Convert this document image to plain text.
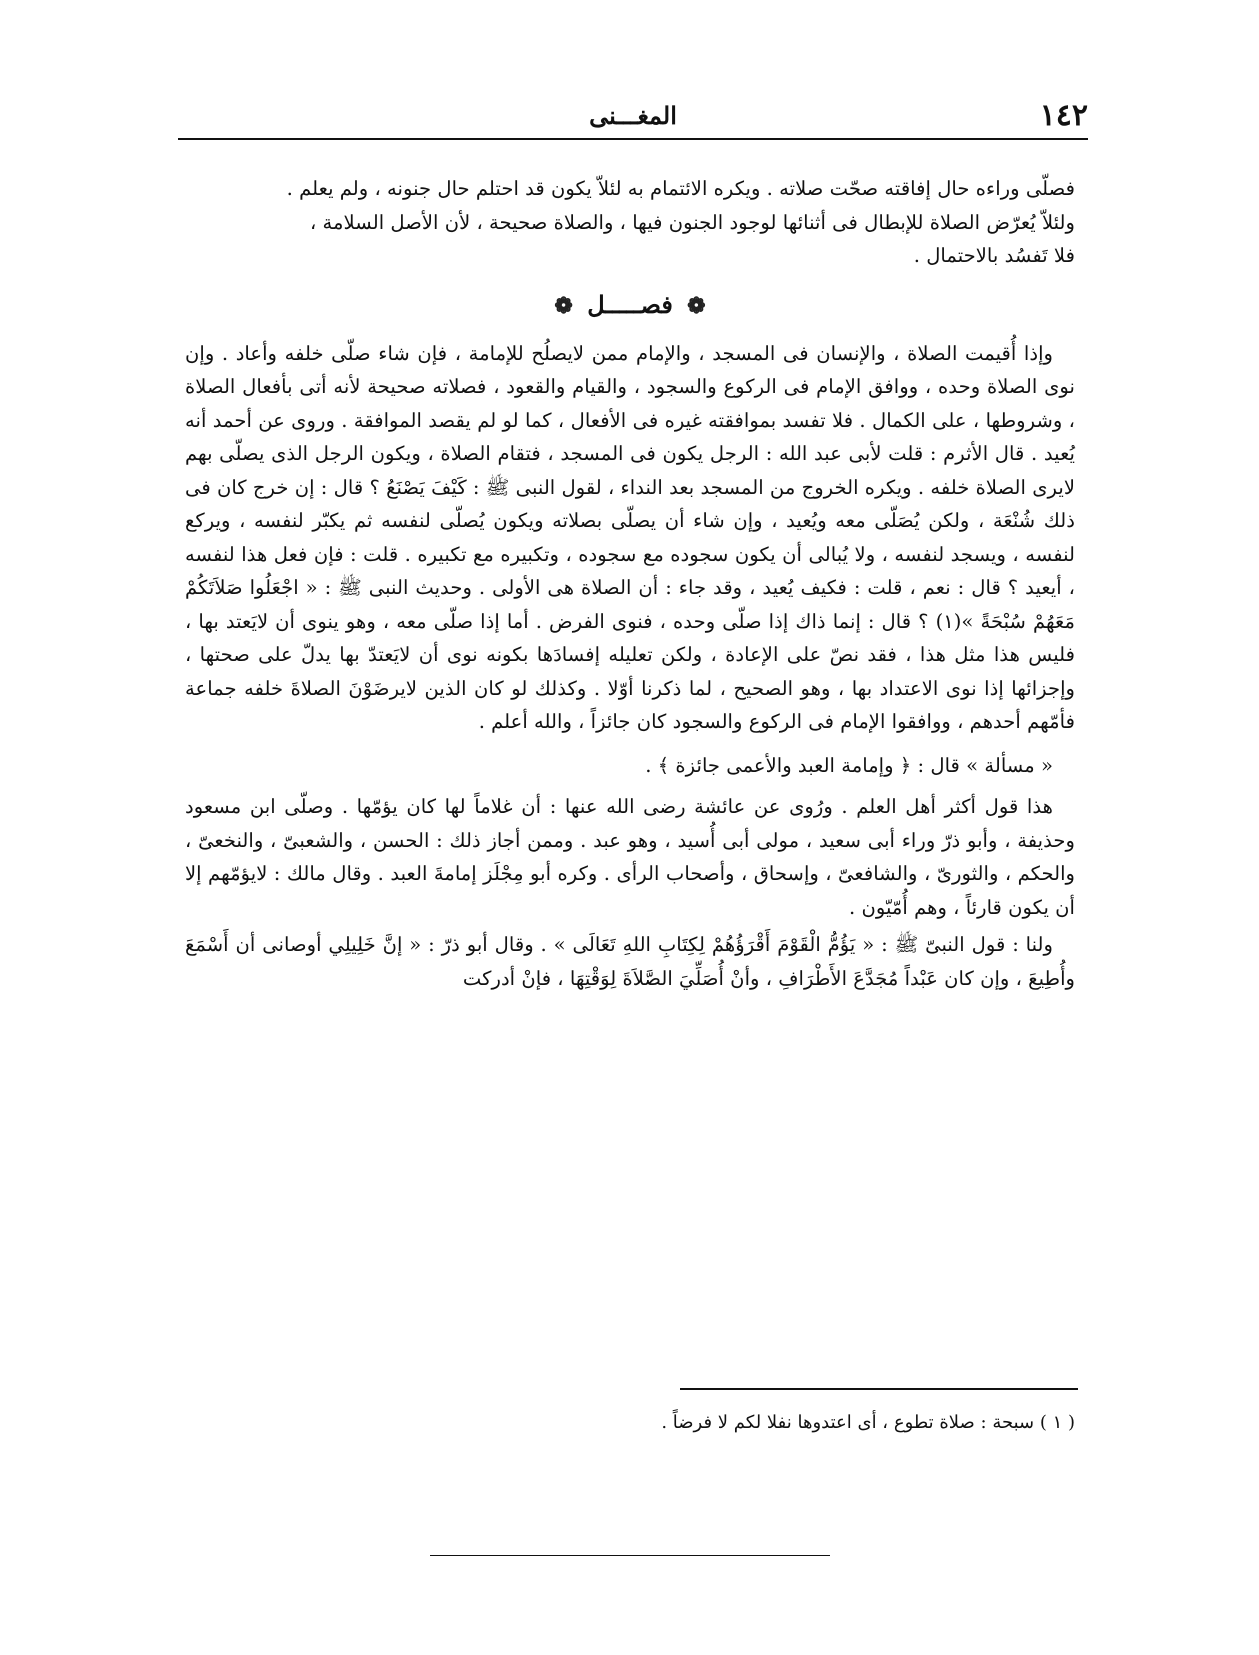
١٤٢
المغـــنى

فصلّى وراءه حال إفاقته صحّت صلاته . ويكره الائتمام به لئلاّ يكون قد احتلم حال جنونه ، ولم يعلم .

ولئلاّ يُعرّض الصلاة للإبطال فى أثنائها لوجود الجنون فيها ، والصلاة صحيحة ، لأن الأصل السلامة ،

فلا تَفسُد بالاحتمال .

❁ فصـــــل ❁

وإذا أُقيمت الصلاة ، والإنسان فى المسجد ، والإمام ممن لايصلُح للإمامة ، فإن شاء صلّى خلفه وأعاد . وإن نوى الصلاة وحده ، ووافق الإمام فى الركوع والسجود ، والقيام والقعود ، فصلاته صحيحة لأنه أتى بأفعال الصلاة ، وشروطها ، على الكمال . فلا تفسد بموافقته غيره فى الأفعال ، كما لو لم يقصد الموافقة . وروى عن أحمد أنه يُعيد . قال الأثرم : قلت لأبى عبد الله : الرجل يكون فى المسجد ، فتقام الصلاة ، ويكون الرجل الذى يصلّى بهم لايرى الصلاة خلفه . ويكره الخروج من المسجد بعد النداء ، لقول النبى ﷺ : كَيْفَ يَصْنَعُ ؟ قال : إن خرج كان فى ذلك شُنْعَة ، ولكن يُصَلّى معه ويُعيد ، وإن شاء أن يصلّى بصلاته ويكون يُصلّى لنفسه ثم يكبّر لنفسه ، ويركع لنفسه ، ويسجد لنفسه ، ولا يُبالى أن يكون سجوده مع سجوده ، وتكبيره مع تكبيره . قلت : فإن فعل هذا لنفسه ، أيعيد ؟ قال : نعم ، قلت : فكيف يُعيد ، وقد جاء : أن الصلاة هى الأولى . وحديث النبى ﷺ : « اجْعَلُوا صَلاَتَكُمْ مَعَهُمْ سُبْحَةً »(١) ؟ قال : إنما ذاك إذا صلّى وحده ، فنوى الفرض . أما إذا صلّى معه ، وهو ينوى أن لايَعتد بها ، فليس هذا مثل هذا ، فقد نصّ على الإعادة ، ولكن تعليله إفسادَها بكونه نوى أن لايَعتدّ بها يدلّ على صحتها ، وإجزائها إذا نوى الاعتداد بها ، وهو الصحيح ، لما ذكرنا أوّلا . وكذلك لو كان الذين لايرضَوْنَ الصلاةَ خلفه جماعة فأمّهم أحدهم ، ووافقوا الإمام فى الركوع والسجود كان جائزاً ، والله أعلم .

« مسألة » قال : ﴿ وإمامة العبد والأعمى جائزة ﴾ .

هذا قول أكثر أهل العلم . ورُوى عن عائشة رضى الله عنها : أن غلاماً لها كان يؤمّها . وصلّى ابن مسعود وحذيفة ، وأبو ذرّ وراء أبى سعيد ، مولى أبى أُسيد ، وهو عبد . وممن أجاز ذلك : الحسن ، والشعبىّ ، والنخعىّ ، والحكم ، والثورىّ ، والشافعىّ ، وإسحاق ، وأصحاب الرأى . وكره أبو مِجْلَز إمامةَ العبد . وقال مالك : لايؤمّهم إلا أن يكون قارئاً ، وهم أُمّيّون .

ولنا : قول النبىّ ﷺ : « يَؤُمُّ الْقَوْمَ أَقْرَؤُهُمْ لِكِتَابِ اللهِ تَعَالَى » . وقال أبو ذرّ : « إنَّ خَلِيلِي أوصانى أن أَسْمَعَ وأُطِيعَ ، وإن كان عَبْداً مُجَدَّعَ الأَطْرَافِ ، وأنْ أُصَلِّيَ الصَّلاَةَ لِوَقْتِهَا ، فإنْ أدركت

( ١ ) سبحة : صلاة تطوع ، أى اعتدوها نفلا لكم لا فرضاً .
